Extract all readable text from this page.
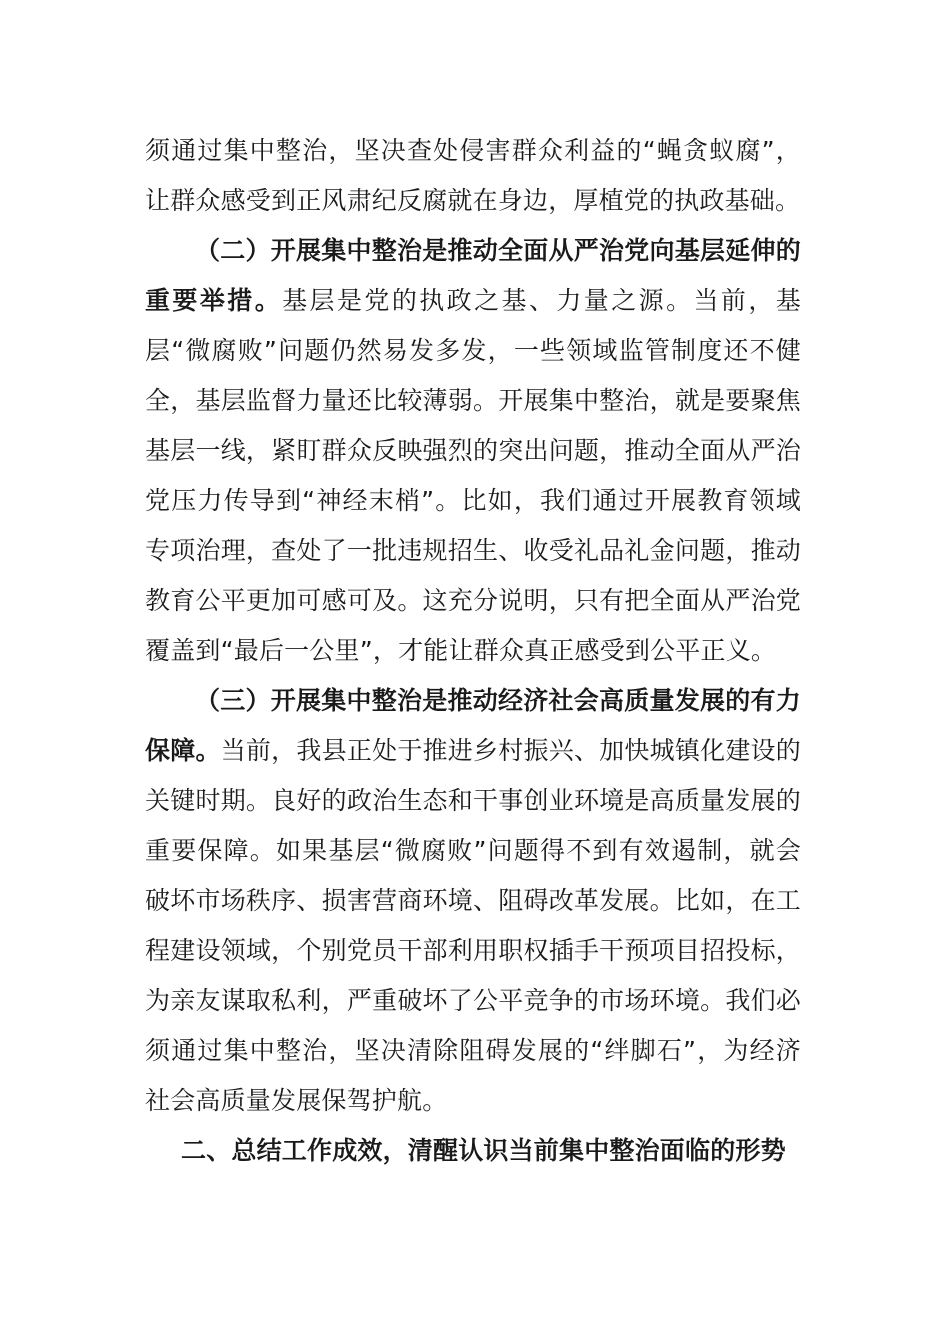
须通过集中整治，坚决查处侵害群众利益的“蝇贪蚁腐”，让群众感受到正风肃纪反腐就在身边，厚植党的执政基础。

（二）开展集中整治是推动全面从严治党向基层延伸的重要举措。基层是党的执政之基、力量之源。当前，基层“微腐败”问题仍然易发多发，一些领域监管制度还不健全，基层监督力量还比较薄弱。开展集中整治，就是要聚焦基层一线，紧盯群众反映强烈的突出问题，推动全面从严治党压力传导到“神经末梢”。比如，我们通过开展教育领域专项治理，查处了一批违规招生、收受礼品礼金问题，推动教育公平更加可感可及。这充分说明，只有把全面从严治党覆盖到“最后一公里”，才能让群众真正感受到公平正义。

（三）开展集中整治是推动经济社会高质量发展的有力保障。当前，我县正处于推进乡村振兴、加快城镇化建设的关键时期。良好的政治生态和干事创业环境是高质量发展的重要保障。如果基层“微腐败”问题得不到有效遏制，就会破坏市场秩序、损害营商环境、阻碍改革发展。比如，在工程建设领域，个别党员干部利用职权插手干预项目招投标，为亲友谋取私利，严重破坏了公平竞争的市场环境。我们必须通过集中整治，坚决清除阻碍发展的“绊脚石”，为经济社会高质量发展保驾护航。

二、总结工作成效，清醒认识当前集中整治面临的形势
